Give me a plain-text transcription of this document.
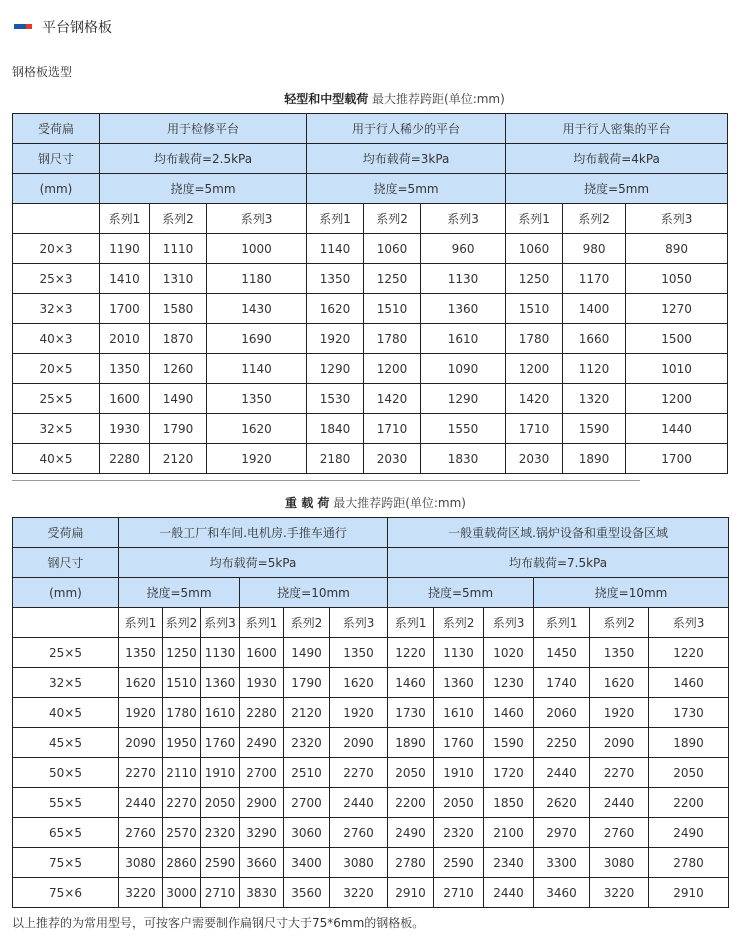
平台钢格板
钢格板选型
轻型和中型载荷 最大推荐跨距(单位:mm)
受荷扁	用于检修平台			用于行人稀少的平台			用于行人密集的平台		
钢尺寸	均布载荷=2.5kPa			均布载荷=3kPa			均布载荷=4kPa		
(mm)	挠度=5mm			挠度=5mm			挠度=5mm		
	系列1	系列2	系列3	系列1	系列2	系列3	系列1	系列2	系列3
20×3	1190	1110	1000	1140	1060	960	1060	980	890
25×3	1410	1310	1180	1350	1250	1130	1250	1170	1050
32×3	1700	1580	1430	1620	1510	1360	1510	1400	1270
40×3	2010	1870	1690	1920	1780	1610	1780	1660	1500
20×5	1350	1260	1140	1290	1200	1090	1200	1120	1010
25×5	1600	1490	1350	1530	1420	1290	1420	1320	1200
32×5	1930	1790	1620	1840	1710	1550	1710	1590	1440
40×5	2280	2120	1920	2180	2030	1830	2030	1890	1700
重 载 荷 最大推荐跨距(单位:mm)
受荷扁	一般工厂和车间.电机房.手推车通行						一般重载荷区域.锅炉设备和重型设备区域					
钢尺寸	均布载荷=5kPa						均布载荷=7.5kPa					
(mm)	挠度=5mm			挠度=10mm			挠度=5mm			挠度=10mm		
	系列1	系列2	系列3	系列1	系列2	系列3	系列1	系列2	系列3	系列1	系列2	系列3
25×5	1350	1250	1130	1600	1490	1350	1220	1130	1020	1450	1350	1220
32×5	1620	1510	1360	1930	1790	1620	1460	1360	1230	1740	1620	1460
40×5	1920	1780	1610	2280	2120	1920	1730	1610	1460	2060	1920	1730
45×5	2090	1950	1760	2490	2320	2090	1890	1760	1590	2250	2090	1890
50×5	2270	2110	1910	2700	2510	2270	2050	1910	1720	2440	2270	2050
55×5	2440	2270	2050	2900	2700	2440	2200	2050	1850	2620	2440	2200
65×5	2760	2570	2320	3290	3060	2760	2490	2320	2100	2970	2760	2490
75×5	3080	2860	2590	3660	3400	3080	2780	2590	2340	3300	3080	2780
75×6	3220	3000	2710	3830	3560	3220	2910	2710	2440	3460	3220	2910
以上推荐的为常用型号，可按客户需要制作扁钢尺寸大于75*6mm的钢格板。
